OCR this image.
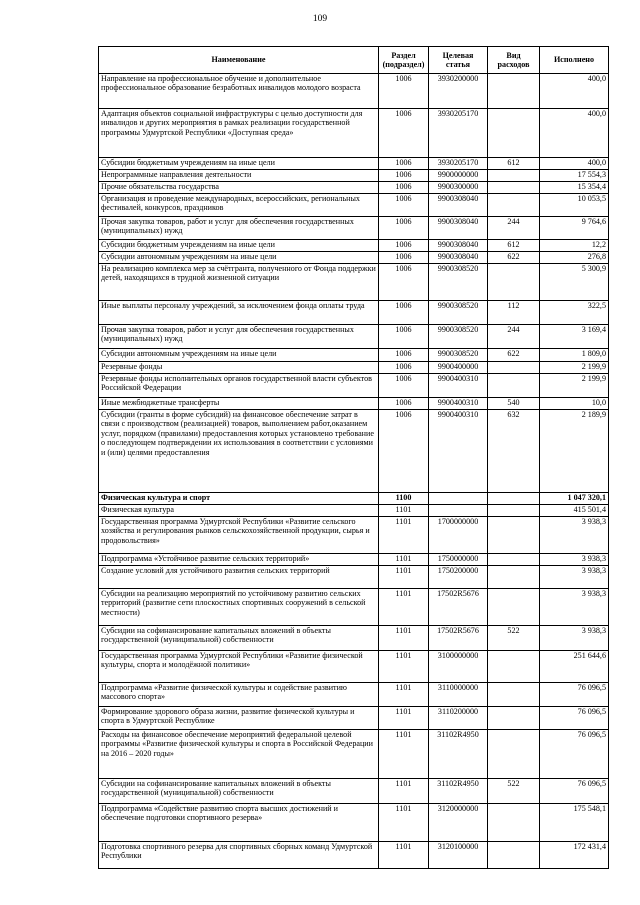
109
Наименование	Раздел (подраздел)	Целевая статья	Вид расходов	Исполнено
Направление на профессиональное обучение и дополнительное профессиональное образование безработных инвалидов молодого возраста	1006	3930200000		400,0
Адаптация объектов социальной инфраструктуры с целью доступности для инвалидов и других мероприятия в рамках реализации государственной программы Удмуртской Республики «Доступная среда»	1006	3930205170		400,0
Субсидии бюджетным учреждениям на иные цели	1006	3930205170	612	400,0
Непрограммные направления деятельности	1006	9900000000		17 554,3
Прочие обязательства государства	1006	9900300000		15 354,4
Организация и проведение международных, всероссийских, региональных фестивалей, конкурсов, праздников	1006	9900308040		10 053,5
Прочая закупка товаров, работ и услуг для обеспечения государственных (муниципальных) нужд	1006	9900308040	244	9 764,6
Субсидии бюджетным учреждениям на иные цели	1006	9900308040	612	12,2
Субсидии автономным учреждениям на иные цели	1006	9900308040	622	276,8
На реализацию комплекса мер за счётгранта, полученного от Фонда поддержки детей, находящихся в трудной жизненной ситуации	1006	9900308520		5 300,9
Иные выплаты персоналу учреждений, за исключением фонда оплаты труда	1006	9900308520	112	322,5
Прочая закупка товаров, работ и услуг для обеспечения государственных (муниципальных) нужд	1006	9900308520	244	3 169,4
Субсидии автономным учреждениям на иные цели	1006	9900308520	622	1 809,0
Резервные фонды	1006	9900400000		2 199,9
Резервные фонды исполнительных органов государственной власти субъектов Российской Федерации	1006	9900400310		2 199,9
Иные межбюджетные трансферты	1006	9900400310	540	10,0
Субсидии (гранты в форме субсидий) на финансовое обеспечение затрат в связи с производством (реализацией) товаров, выполнением работ,оказанием услуг, порядком (правилами) предоставления которых установлено требование о последующем подтверждении их использования в соответствии с условиями и (или) целями предоставления	1006	9900400310	632	2 189,9
Физическая культура и спорт	1100			1 047 320,1
Физическая культура	1101			415 501,4
Государственная программа Удмуртской Республики «Развитие сельского хозяйства и регулирования рынков сельскохозяйственной продукции, сырья и продовольствия»	1101	1700000000		3 938,3
Подпрограмма «Устойчивое развитие сельских территорий»	1101	1750000000		3 938,3
Создание условий для устойчивого развития сельских территорий	1101	1750200000		3 938,3
Субсидии на реализацию мероприятий по устойчивому развитию сельских территорий (развитие сети плоскостных спортивных сооружений в сельской местности)	1101	17502R5676		3 938,3
Субсидии на софинансирование капитальных вложений в объекты государственной (муниципальной) собственности	1101	17502R5676	522	3 938,3
Государственная программа Удмуртской Республики «Развитие физической культуры, спорта и молодёжной политики»	1101	3100000000		251 644,6
Подпрограмма «Развитие физической культуры и содействие развитию массового спорта»	1101	3110000000		76 096,5
Формирование здорового образа жизни, развитие физической культуры и спорта в Удмуртской Республике	1101	3110200000		76 096,5
Расходы на финансовое обеспечение мероприятий федеральной целевой программы «Развитие физической культуры и спорта в Российской Федерации на 2016 – 2020 годы»	1101	31102R4950		76 096,5
Субсидии на софинансирование капитальных вложений в объекты государственной (муниципальной) собственности	1101	31102R4950	522	76 096,5
Подпрограмма «Содействие развитию спорта высших достижений и обеспечение подготовки спортивного резерва»	1101	3120000000		175 548,1
Подготовка спортивного резерва для спортивных сборных команд Удмуртской Республики	1101	3120100000		172 431,4
